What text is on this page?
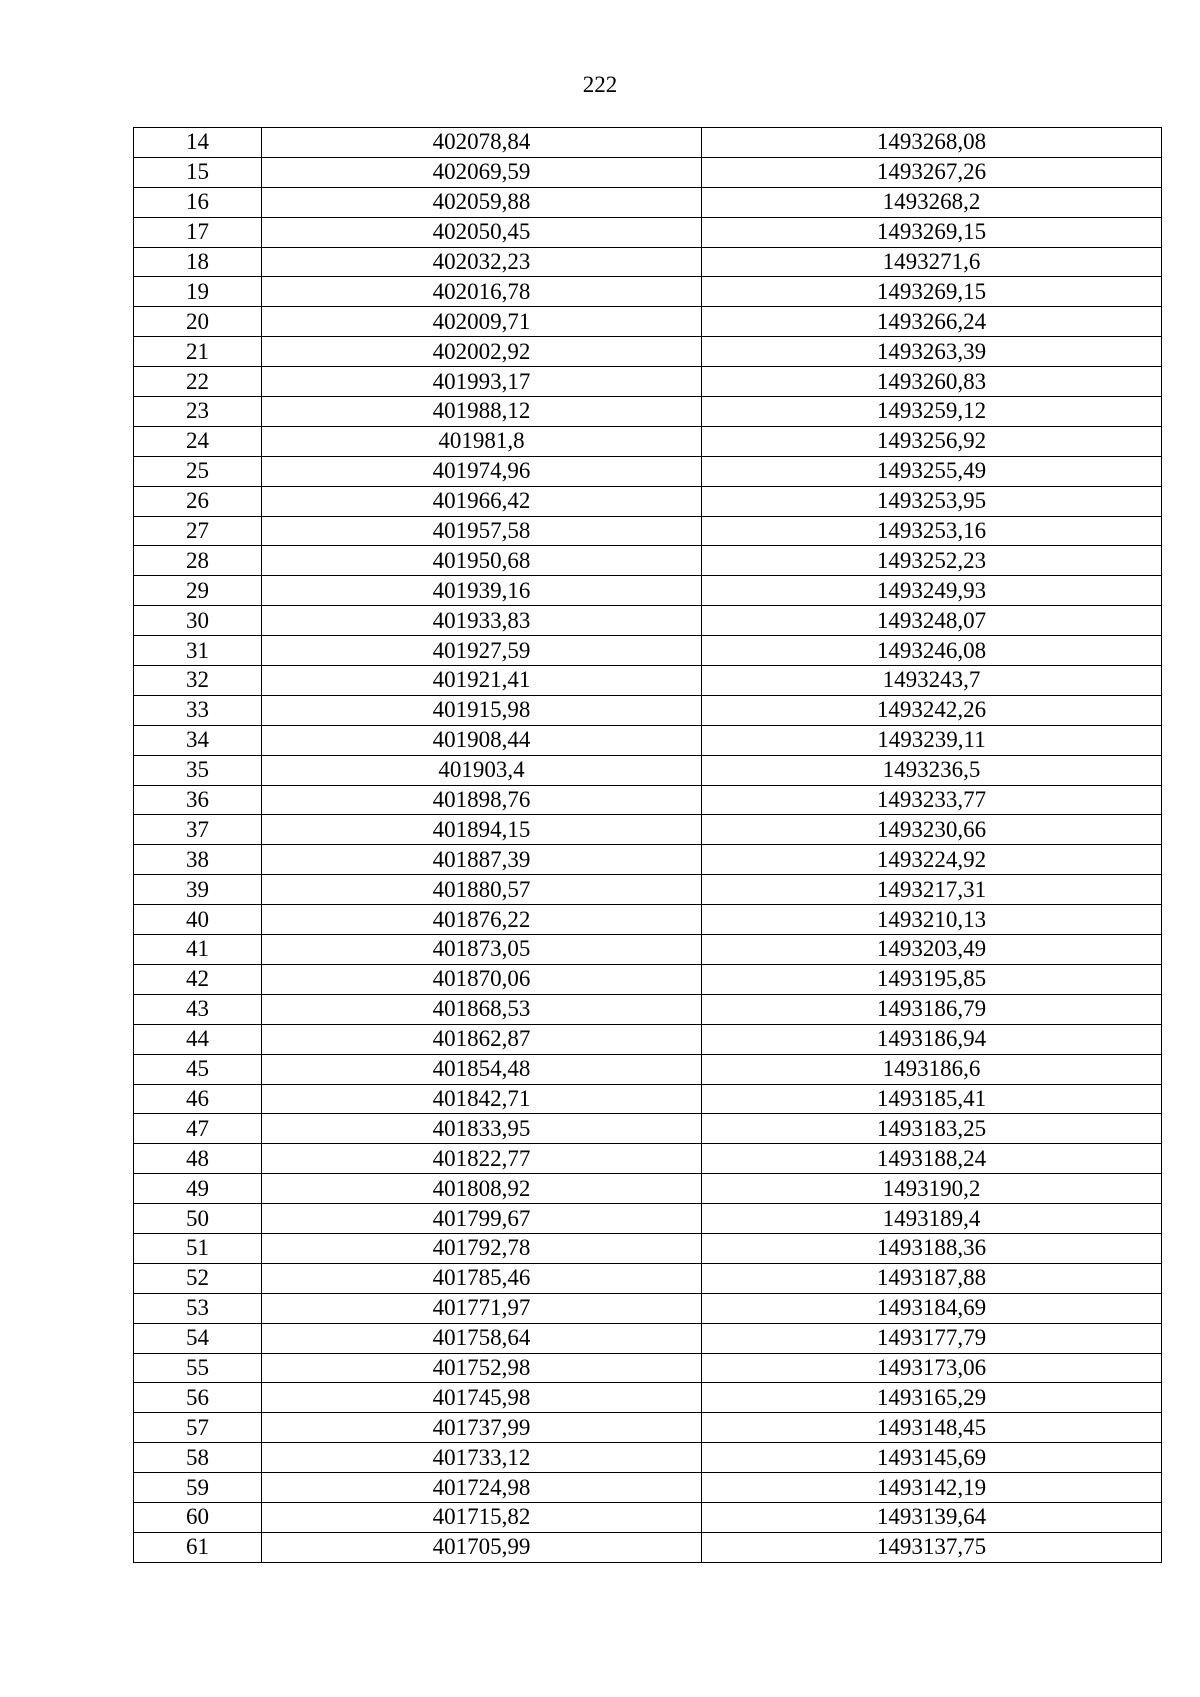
222
14	402078,84	1493268,08
15	402069,59	1493267,26
16	402059,88	1493268,2
17	402050,45	1493269,15
18	402032,23	1493271,6
19	402016,78	1493269,15
20	402009,71	1493266,24
21	402002,92	1493263,39
22	401993,17	1493260,83
23	401988,12	1493259,12
24	401981,8	1493256,92
25	401974,96	1493255,49
26	401966,42	1493253,95
27	401957,58	1493253,16
28	401950,68	1493252,23
29	401939,16	1493249,93
30	401933,83	1493248,07
31	401927,59	1493246,08
32	401921,41	1493243,7
33	401915,98	1493242,26
34	401908,44	1493239,11
35	401903,4	1493236,5
36	401898,76	1493233,77
37	401894,15	1493230,66
38	401887,39	1493224,92
39	401880,57	1493217,31
40	401876,22	1493210,13
41	401873,05	1493203,49
42	401870,06	1493195,85
43	401868,53	1493186,79
44	401862,87	1493186,94
45	401854,48	1493186,6
46	401842,71	1493185,41
47	401833,95	1493183,25
48	401822,77	1493188,24
49	401808,92	1493190,2
50	401799,67	1493189,4
51	401792,78	1493188,36
52	401785,46	1493187,88
53	401771,97	1493184,69
54	401758,64	1493177,79
55	401752,98	1493173,06
56	401745,98	1493165,29
57	401737,99	1493148,45
58	401733,12	1493145,69
59	401724,98	1493142,19
60	401715,82	1493139,64
61	401705,99	1493137,75
